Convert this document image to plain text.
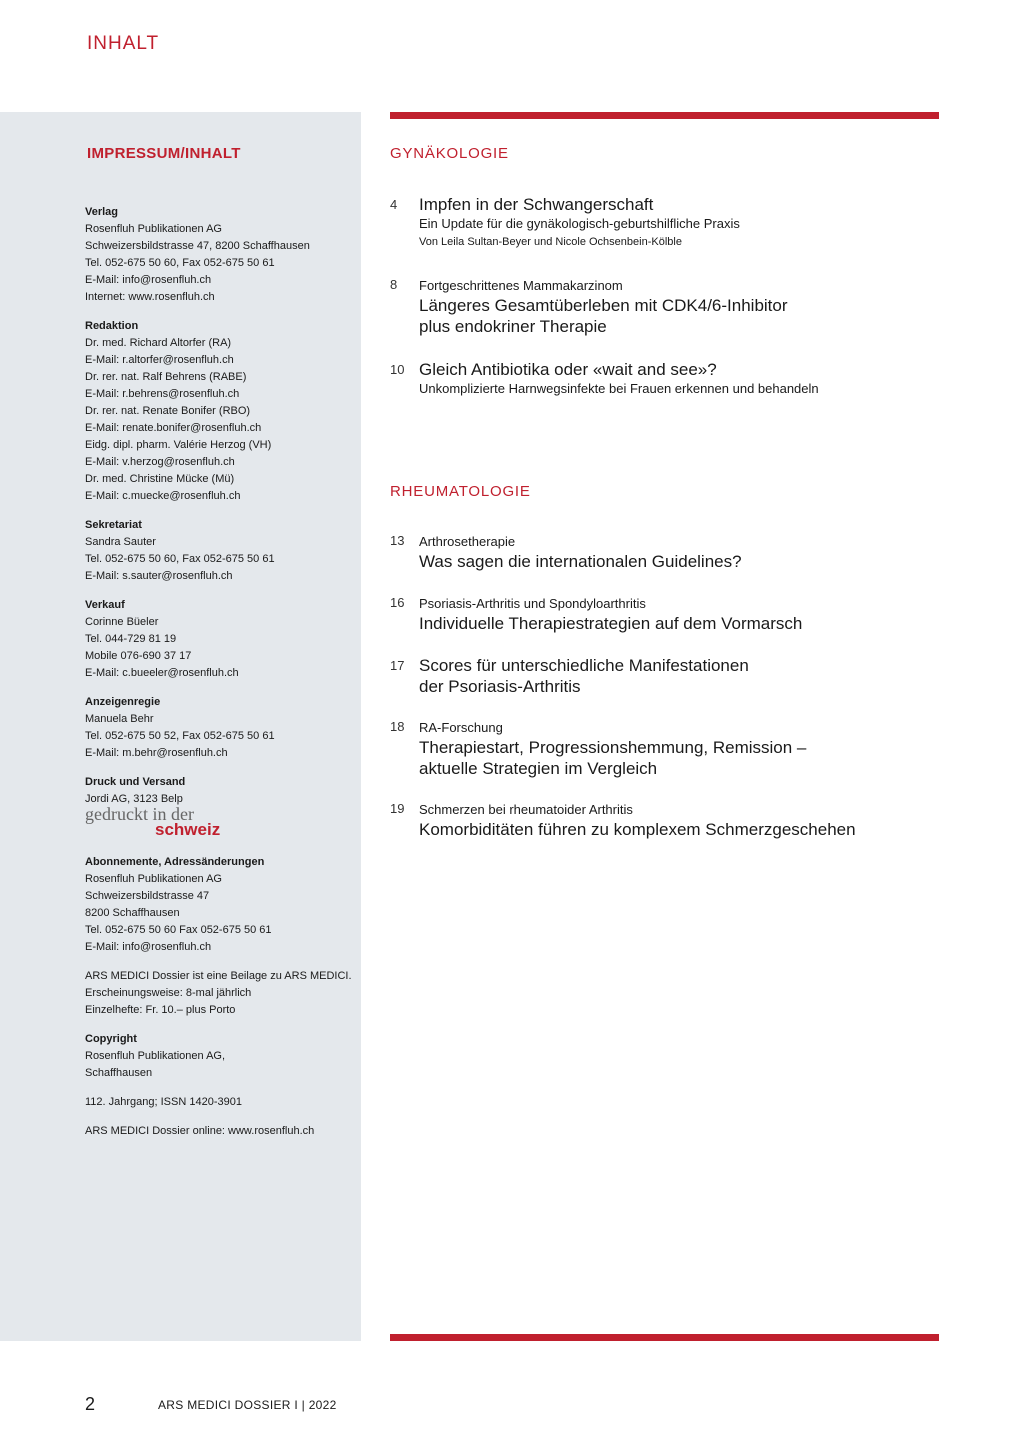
INHALT
IMPRESSUM/INHALT
Verlag
Rosenfluh Publikationen AG
Schweizersbildstrasse 47, 8200 Schaffhausen
Tel. 052-675 50 60, Fax 052-675 50 61
E-Mail: info@rosenfluh.ch
Internet: www.rosenfluh.ch
Redaktion
Dr. med. Richard Altorfer (RA)
E-Mail: r.altorfer@rosenfluh.ch
Dr. rer. nat. Ralf Behrens (RABE)
E-Mail: r.behrens@rosenfluh.ch
Dr. rer. nat. Renate Bonifer (RBO)
E-Mail: renate.bonifer@rosenfluh.ch
Eidg. dipl. pharm. Valérie Herzog (VH)
E-Mail: v.herzog@rosenfluh.ch
Dr. med. Christine Mücke (Mü)
E-Mail: c.muecke@rosenfluh.ch
Sekretariat
Sandra Sauter
Tel. 052-675 50 60, Fax 052-675 50 61
E-Mail: s.sauter@rosenfluh.ch
Verkauf
Corinne Büeler
Tel. 044-729 81 19
Mobile 076-690 37 17
E-Mail: c.bueeler@rosenfluh.ch
Anzeigenregie
Manuela Behr
Tel. 052-675 50 52, Fax 052-675 50 61
E-Mail: m.behr@rosenfluh.ch
Druck und Versand
Jordi AG, 3123 Belp
gedruckt in der
schweiz
Abonnemente, Adressänderungen
Rosenfluh Publikationen AG
Schweizersbildstrasse 47
8200 Schaffhausen
Tel. 052-675 50 60 Fax 052-675 50 61
E-Mail: info@rosenfluh.ch
ARS MEDICI Dossier ist eine Beilage zu ARS MEDICI.
Erscheinungsweise: 8-mal jährlich
Einzelhefte: Fr. 10.– plus Porto
Copyright
Rosenfluh Publikationen AG,
Schaffhausen
112. Jahrgang; ISSN 1420-3901
ARS MEDICI Dossier online: www.rosenfluh.ch
GYNÄKOLOGIE
4 Impfen in der Schwangerschaft
Ein Update für die gynäkologisch-geburtshilfliche Praxis
Von Leila Sultan-Beyer und Nicole Ochsenbein-Kölble
8 Fortgeschrittenes Mammakarzinom
Längeres Gesamtüberleben mit CDK4/6-Inhibitor
plus endokriner Therapie
10 Gleich Antibiotika oder «wait and see»?
Unkomplizierte Harnwegsinfekte bei Frauen erkennen und behandeln
RHEUMATOLOGIE
13 Arthrosetherapie
Was sagen die internationalen Guidelines?
16 Psoriasis-Arthritis und Spondyloarthritis
Individuelle Therapiestrategien auf dem Vormarsch
17 Scores für unterschiedliche Manifestationen
der Psoriasis-Arthritis
18 RA-Forschung
Therapiestart, Progressionshemmung, Remission –
aktuelle Strategien im Vergleich
19 Schmerzen bei rheumatoider Arthritis
Komorbiditäten führen zu komplexem Schmerzgeschehen
2	ARS MEDICI DOSSIER I | 2022
